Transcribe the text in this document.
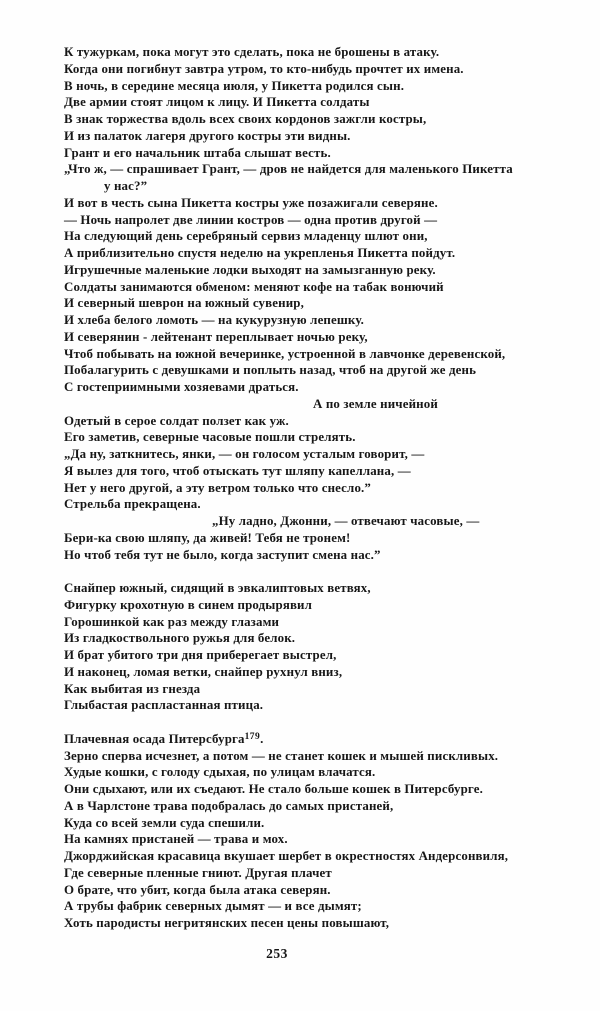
К тужуркам, пока могут это сделать, пока не брошены в атаку.
Когда они погибнут завтра утром, то кто-нибудь прочтет их имена.
В ночь, в середине месяца июля, у Пикетта родился сын.
Две армии стоят лицом к лицу. И Пикетта солдаты
В знак торжества вдоль всех своих кордонов зажгли костры,
И из палаток лагеря другого костры эти видны.
Грант и его начальник штаба слышат весть.
„Что ж, — спрашивает Грант, — дров не найдется для маленького Пикетта
у нас?”
И вот в честь сына Пикетта костры уже позажигали северяне.
— Ночь напролет две линии костров — одна против другой —
На следующий день серебряный сервиз младенцу шлют они,
А приблизительно спустя неделю на укрепленья Пикетта пойдут.
Игрушечные маленькие лодки выходят на замызганную реку.
Солдаты занимаются обменом: меняют кофе на табак вонючий
И северный шеврон на южный сувенир,
И хлеба белого ломоть — на кукурузную лепешку.
И северянин - лейтенант переплывает ночью реку,
Чтоб побывать на южной вечеринке, устроенной в лавчонке деревенской,
Побалагурить с девушками и поплыть назад, чтоб на другой же день
С гостеприимными хозяевами драться.
А по земле ничейной
Одетый в серое солдат ползет как уж.
Его заметив, северные часовые пошли стрелять.
„Да ну, заткнитесь, янки, — он голосом усталым говорит, —
Я вылез для того, чтоб отыскать тут шляпу капеллана, —
Нет у него другой, а эту ветром только что снесло.”
Стрельба прекращена.
„Ну ладно, Джонни, — отвечают часовые, —
Бери-ка свою шляпу, да живей! Тебя не тронем!
Но чтоб тебя тут не было, когда заступит смена нас.”

Снайпер южный, сидящий в эвкалиптовых ветвях,
Фигурку крохотную в синем продырявил
Горошинкой как раз между глазами
Из гладкоствольного ружья для белок.
И брат убитого три дня приберегает выстрел,
И наконец, ломая ветки, снайпер рухнул вниз,
Как выбитая из гнезда
Глыбастая распластанная птица.

Плачевная осада Питерсбурга$^{179}$.
Зерно сперва исчезнет, а потом — не станет кошек и мышей пискливых.
Худые кошки, с голоду сдыхая, по улицам влачатся.
Они сдыхают, или их съедают. Не стало больше кошек в Питерсбурге.
А в Чарлстоне трава подобралась до самых пристаней,
Куда со всей земли суда спешили.
На камнях пристаней — трава и мох.
Джорджийская красавица вкушает шербет в окрестностях Андерсонвиля,
Где северные пленные гниют. Другая плачет
О брате, что убит, когда была атака северян.
А трубы фабрик северных дымят — и все дымят;
Хоть пародисты негритянских песен цены повышают,
253
